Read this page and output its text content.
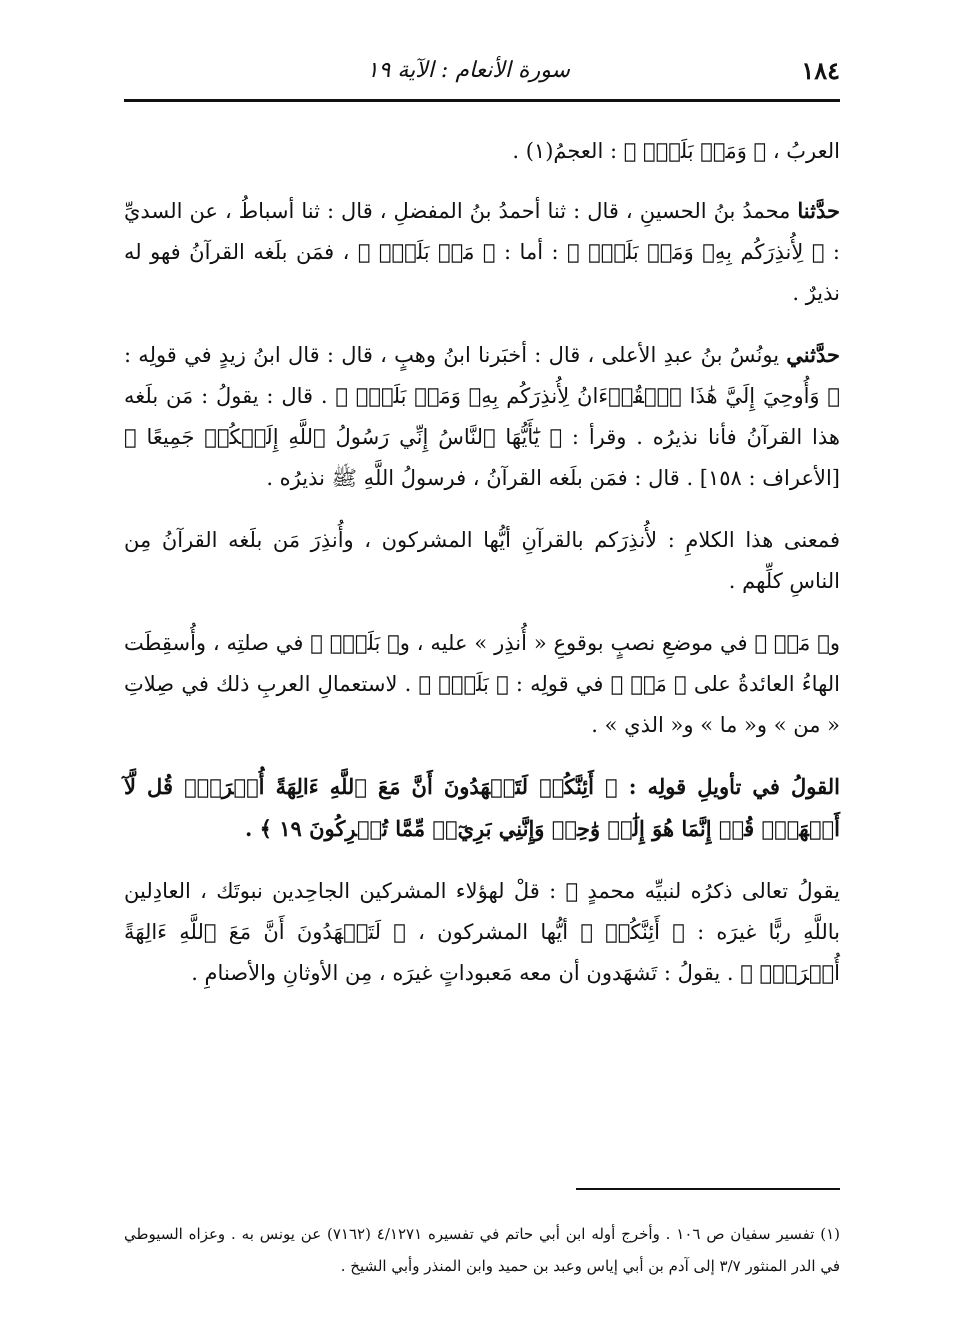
١٨٤
سورة الأنعام : الآية ١٩

العربُ ، ﴿ وَمَنۢ بَلَغَۚ ﴾ : العجمُ(١) .

حدَّثنا محمدُ بنُ الحسينِ ، قال : ثنا أحمدُ بنُ المفضلِ ، قال : ثنا أسباطُ ، عن السديِّ : ﴿ لِأُنذِرَكُم بِهِۦ وَمَنۢ بَلَغَۚ ﴾ : أما : ﴿ مَنۢ بَلَغَۚ ﴾ ، فمَن بلَغه القرآنُ فهو له نذيرٌ .

حدَّثني يونُسُ بنُ عبدِ الأعلى ، قال : أخبَرنا ابنُ وهبٍ ، قال : قال ابنُ زيدٍ في قولِه : ﴿ وَأُوحِيَ إِلَيَّ هَٰذَا ٱلۡقُرۡءَانُ لِأُنذِرَكُم بِهِۦ وَمَنۢ بَلَغَۚ ﴾ . قال : يقولُ : مَن بلَغه هذا القرآنُ فأنا نذيرُه . وقرأ : ﴿ يَٰٓأَيُّهَا ٱلنَّاسُ إِنِّي رَسُولُ ٱللَّهِ إِلَيۡكُمۡ جَمِيعًا ﴾ [الأعراف : ١٥٨] . قال : فمَن بلَغه القرآنُ ، فرسولُ اللَّهِ ﷺ نذيرُه .

فمعنى هذا الكلامِ : لأُنذِرَكم بالقرآنِ أيُّها المشركون ، وأُنذِرَ مَن بلَغه القرآنُ مِن الناسِ كلِّهم .

و﴿ مَنۢ ﴾ في موضعِ نصبٍ بوقوعِ « أُنذِر » عليه ، و﴿ بَلَغَۚ ﴾ في صلتِه ، وأُسقِطَت الهاءُ العائدةُ على ﴿ مَنۢ ﴾ في قولِه : ﴿ بَلَغَۚ ﴾ . لاستعمالِ العربِ ذلك في صِلاتِ « من » و« ما » و« الذي » .

القولُ في تأويلِ قولِه : ﴿ أَئِنَّكُمۡ لَتَشۡهَدُونَ أَنَّ مَعَ ٱللَّهِ ءَالِهَةً أُخۡرَىٰۚ قُل لَّآ أَشۡهَدُۚ قُلۡ إِنَّمَا هُوَ إِلَٰهٞ وَٰحِدٞ وَإِنَّنِي بَرِيٓءٞ مِّمَّا تُشۡرِكُونَ ١٩ ﴾ .

يقولُ تعالى ذكرُه لنبيِّه محمدٍ ﷺ : قلْ لهؤلاء المشركين الجاحِدين نبوتَك ، العادِلين باللَّهِ ربًّا غيرَه : ﴿ أَئِنَّكُمۡ ﴾ أيُّها المشركون ، ﴿ لَتَشۡهَدُونَ أَنَّ مَعَ ٱللَّهِ ءَالِهَةً أُخۡرَىٰۚ ﴾ . يقولُ : تَشهَدون أن معه مَعبوداتٍ غيرَه ، مِن الأوثانِ والأصنامِ .

(١) تفسير سفيان ص ١٠٦ . وأخرج أوله ابن أبي حاتم في تفسيره ٤/١٢٧١ (٧١٦٢) عن يونس به . وعزاه السيوطي في الدر المنثور ٣/٧ إلى آدم بن أبي إياس وعبد بن حميد وابن المنذر وأبي الشيخ .
